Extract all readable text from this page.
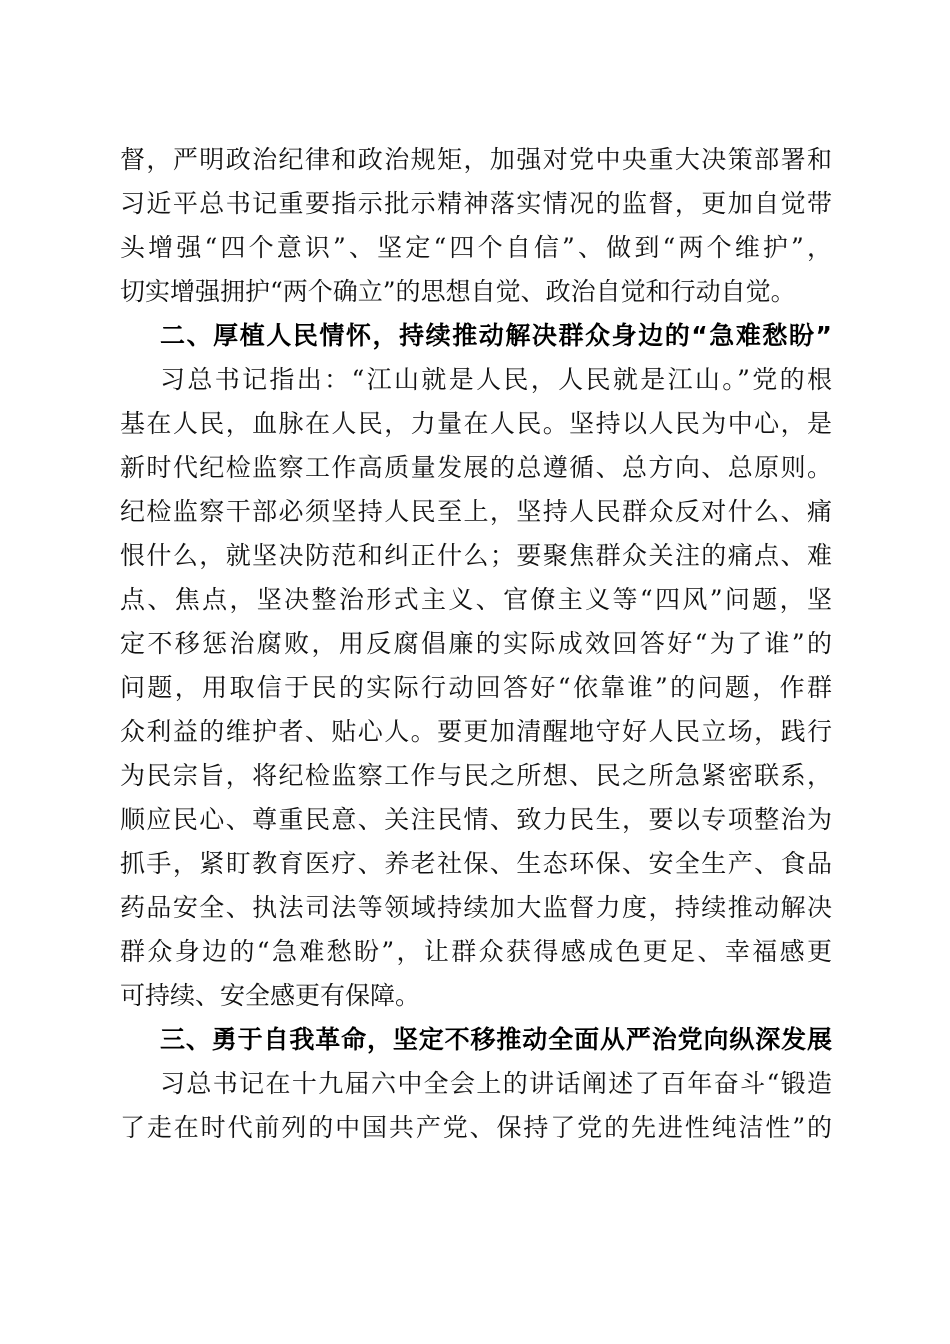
督，严明政治纪律和政治规矩，加强对党中央重大决策部署和
习近平总书记重要指示批示精神落实情况的监督，更加自觉带
头增强“四个意识”、坚定“四个自信”、做到“两个维护”，
切实增强拥护“两个确立”的思想自觉、政治自觉和行动自觉。
二、厚植人民情怀，持续推动解决群众身边的“急难愁盼”
习总书记指出：“江山就是人民，人民就是江山。”党的根
基在人民，血脉在人民，力量在人民。坚持以人民为中心，是
新时代纪检监察工作高质量发展的总遵循、总方向、总原则。
纪检监察干部必须坚持人民至上，坚持人民群众反对什么、痛
恨什么，就坚决防范和纠正什么；要聚焦群众关注的痛点、难
点、焦点，坚决整治形式主义、官僚主义等“四风”问题，坚
定不移惩治腐败，用反腐倡廉的实际成效回答好“为了谁”的
问题，用取信于民的实际行动回答好“依靠谁”的问题，作群
众利益的维护者、贴心人。要更加清醒地守好人民立场，践行
为民宗旨，将纪检监察工作与民之所想、民之所急紧密联系，
顺应民心、尊重民意、关注民情、致力民生，要以专项整治为
抓手，紧盯教育医疗、养老社保、生态环保、安全生产、食品
药品安全、执法司法等领域持续加大监督力度，持续推动解决
群众身边的“急难愁盼”，让群众获得感成色更足、幸福感更
可持续、安全感更有保障。
三、勇于自我革命，坚定不移推动全面从严治党向纵深发展
习总书记在十九届六中全会上的讲话阐述了百年奋斗“锻造
了走在时代前列的中国共产党、保持了党的先进性纯洁性”的
